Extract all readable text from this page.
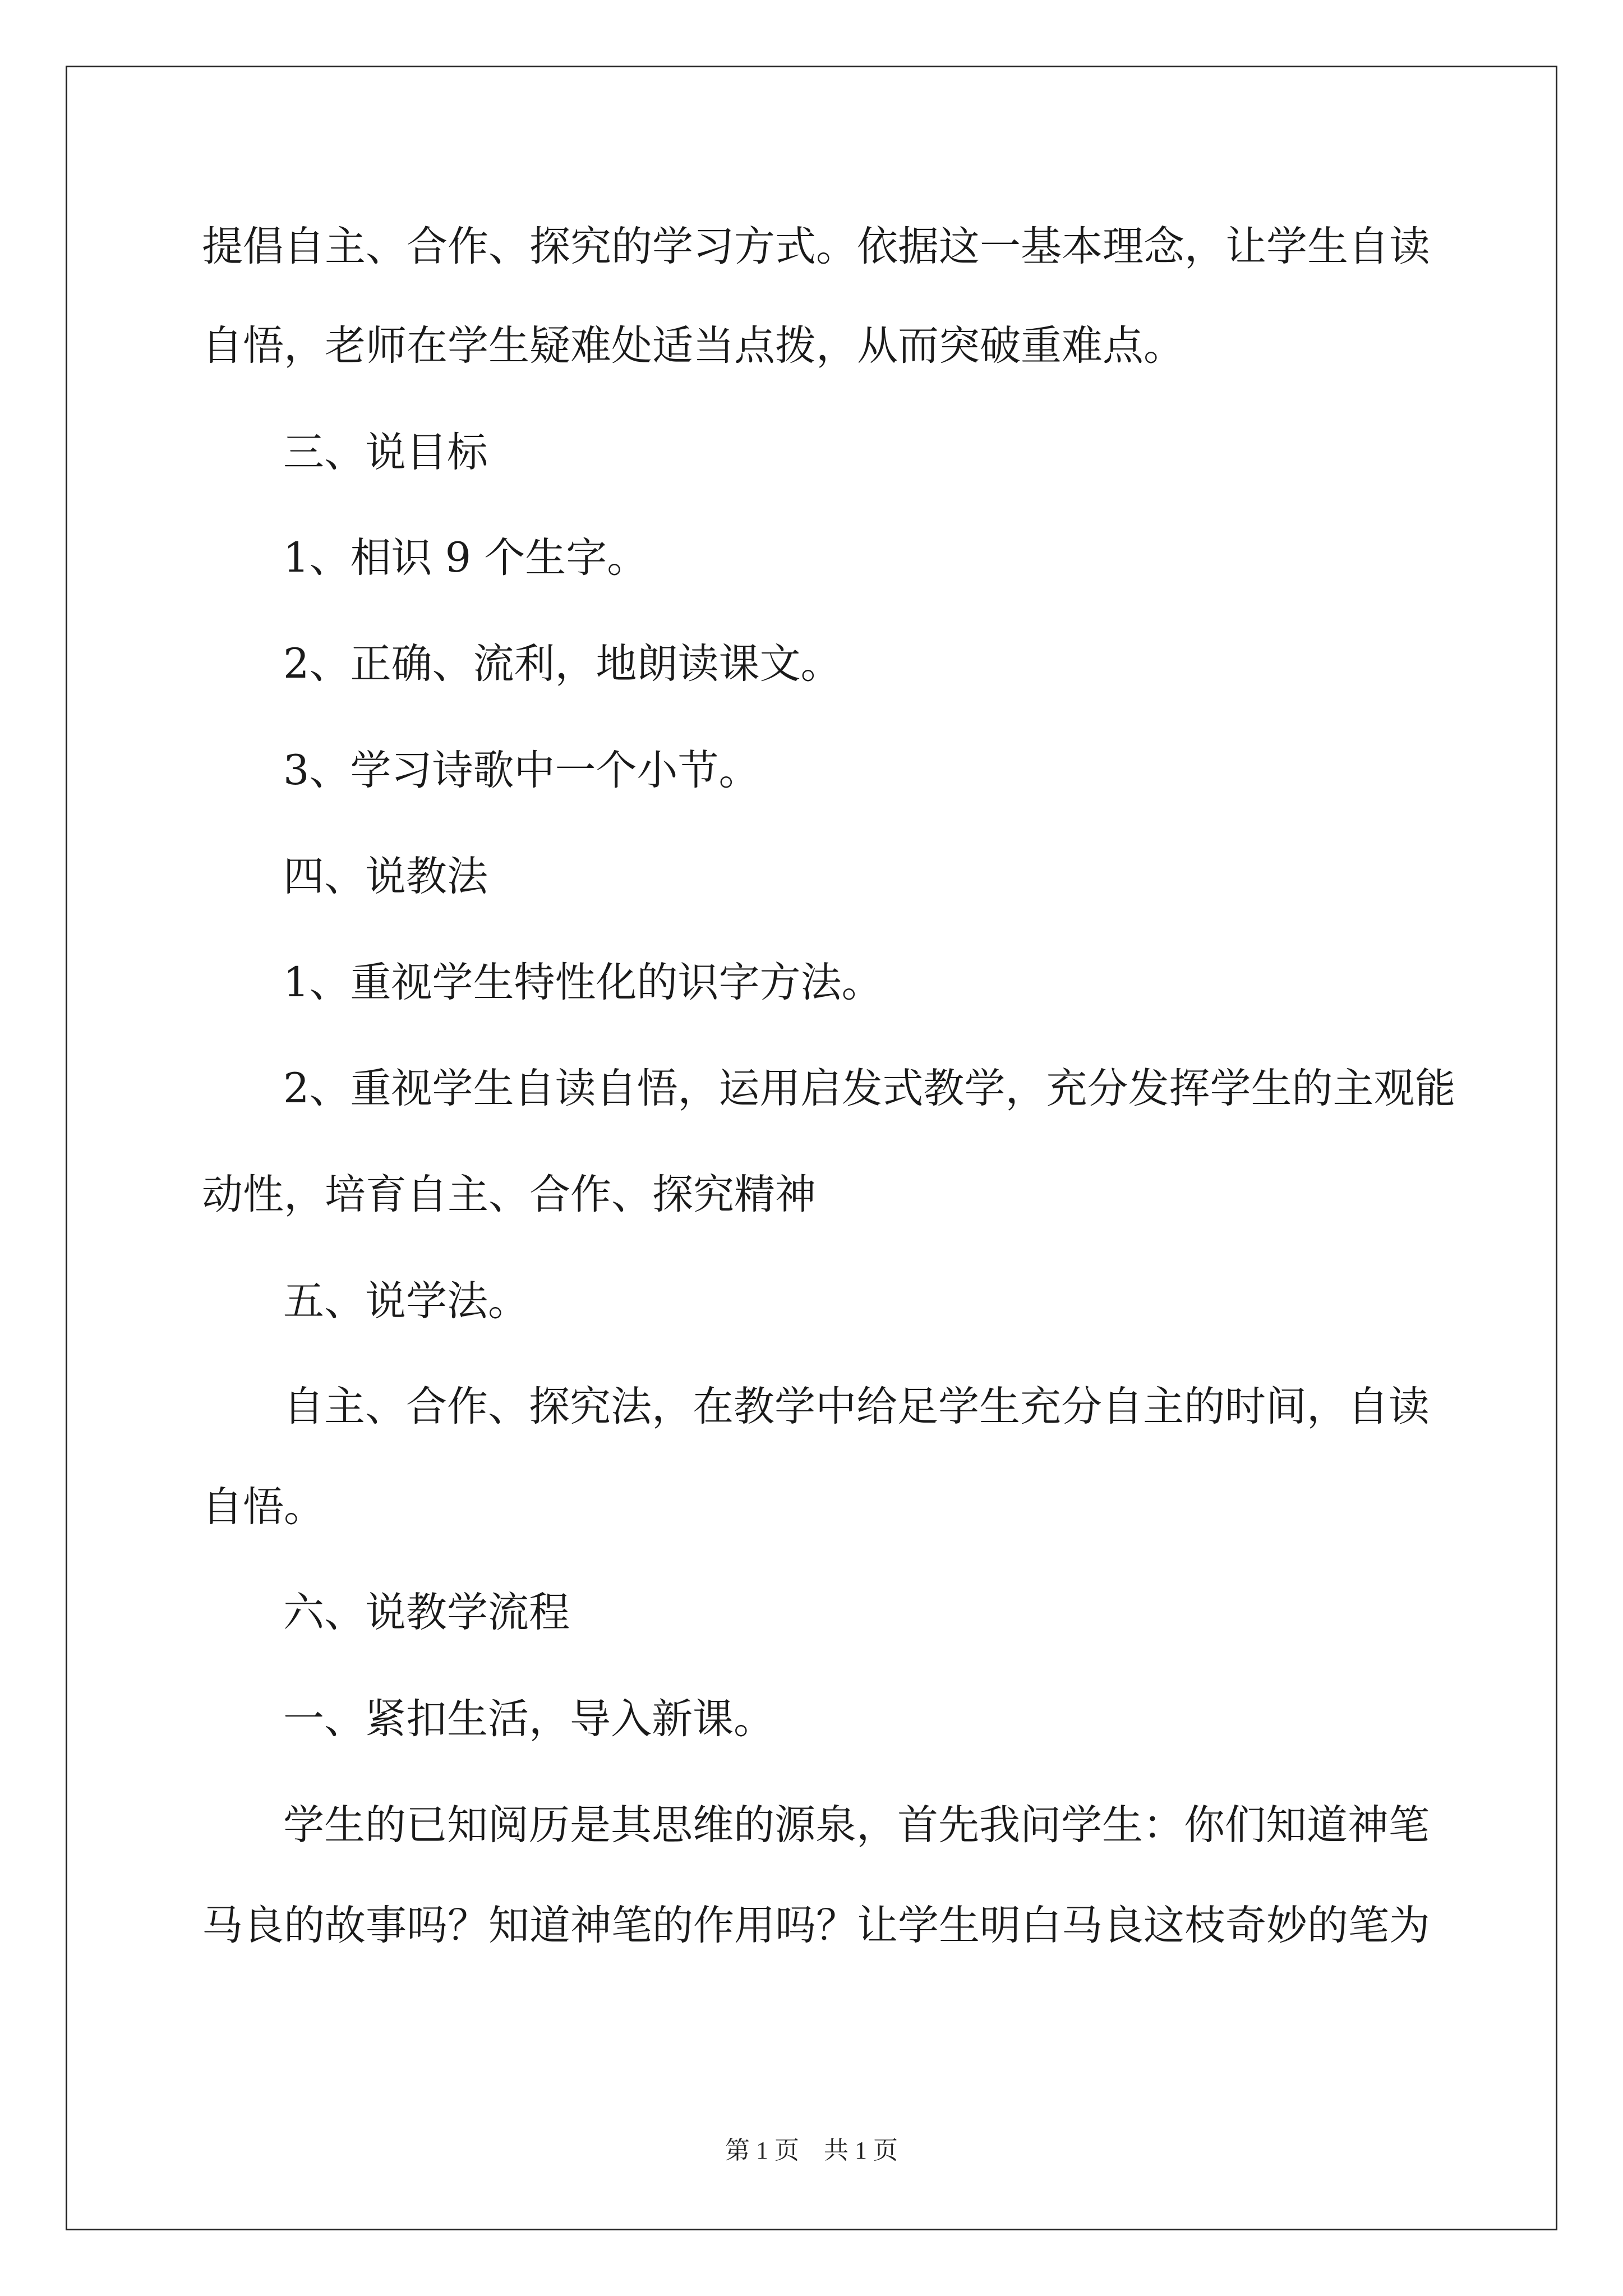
提倡自主、合作、探究的学习方式。依据这一基本理念，让学生自读

自悟，老师在学生疑难处适当点拨，从而突破重难点。

三、说目标

1、相识 9 个生字。

2、正确、流利，地朗读课文。

3、学习诗歌中一个小节。

四、说教法

1、重视学生特性化的识字方法。

2、重视学生自读自悟，运用启发式教学，充分发挥学生的主观能

动性，培育自主、合作、探究精神

五、说学法。

自主、合作、探究法，在教学中给足学生充分自主的时间，自读

自悟。

六、说教学流程

一、紧扣生活，导入新课。

学生的已知阅历是其思维的源泉，首先我问学生：你们知道神笔

马良的故事吗？知道神笔的作用吗？让学生明白马良这枝奇妙的笔为

第 1 页　共 1 页
